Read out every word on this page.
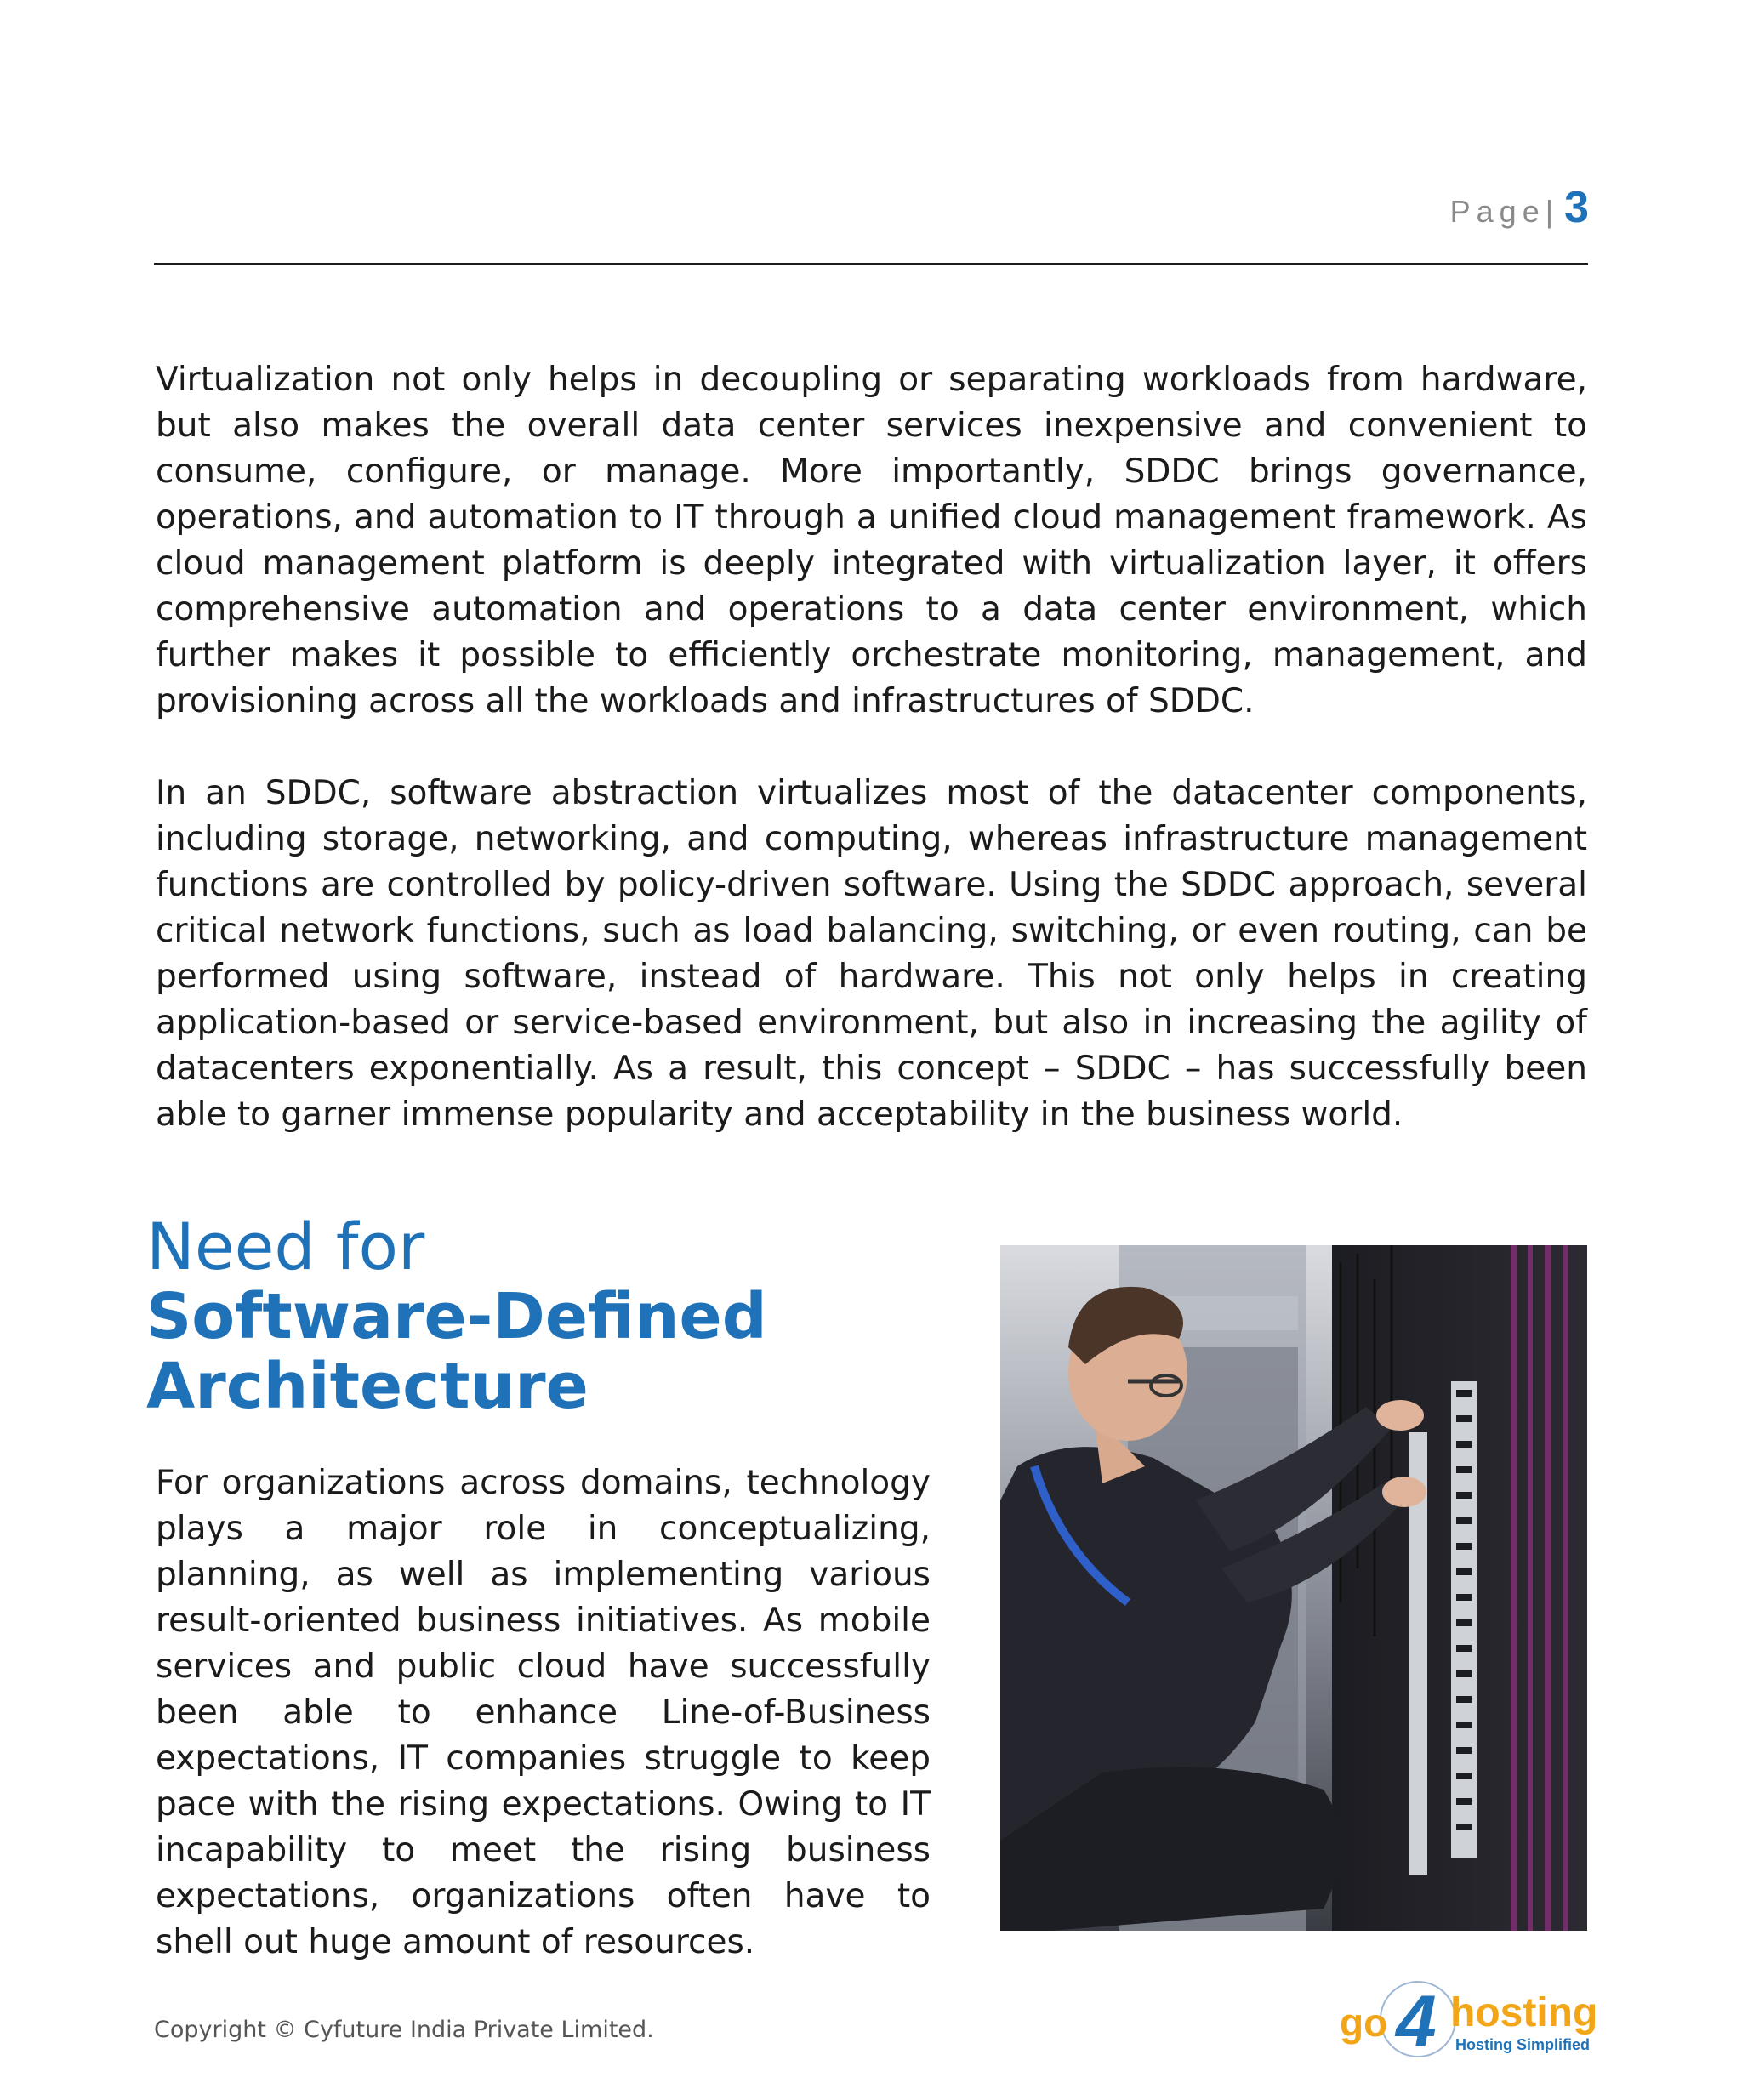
Page | 3

Virtualization not only helps in decoupling or separating workloads from hardware, but also makes the overall data center services inexpensive and convenient to consume, configure, or manage. More importantly, SDDC brings governance, operations, and automation to IT through a unified cloud management framework. As cloud management platform is deeply integrated with virtualization layer, it offers comprehensive automation and operations to a data center environment, which further makes it possible to efficiently orchestrate monitoring, management, and provisioning across all the workloads and infrastructures of SDDC.

In an SDDC, software abstraction virtualizes most of the datacenter components, including storage, networking, and computing, whereas infrastructure management functions are controlled by policy-driven software. Using the SDDC approach, several critical network functions, such as load balancing, switching, or even routing, can be performed using software, instead of hardware. This not only helps in creating application-based or service-based environment, but also in increasing the agility of datacenters exponentially. As a result, this concept – SDDC – has successfully been able to garner immense popularity and acceptability in the business world.

Need for
Software-Defined
Architecture

For organizations across domains, technology plays a major role in conceptualizing, planning, as well as implementing various result-oriented business initiatives. As mobile services and public cloud have successfully been able to enhance Line-of-Business expectations, IT companies struggle to keep pace with the rising expectations. Owing to IT incapability to meet the rising business expectations, organizations often have to shell out huge amount of resources.

Copyright © Cyfuture India Private Limited.	go 4 hosting
Hosting Simplified
